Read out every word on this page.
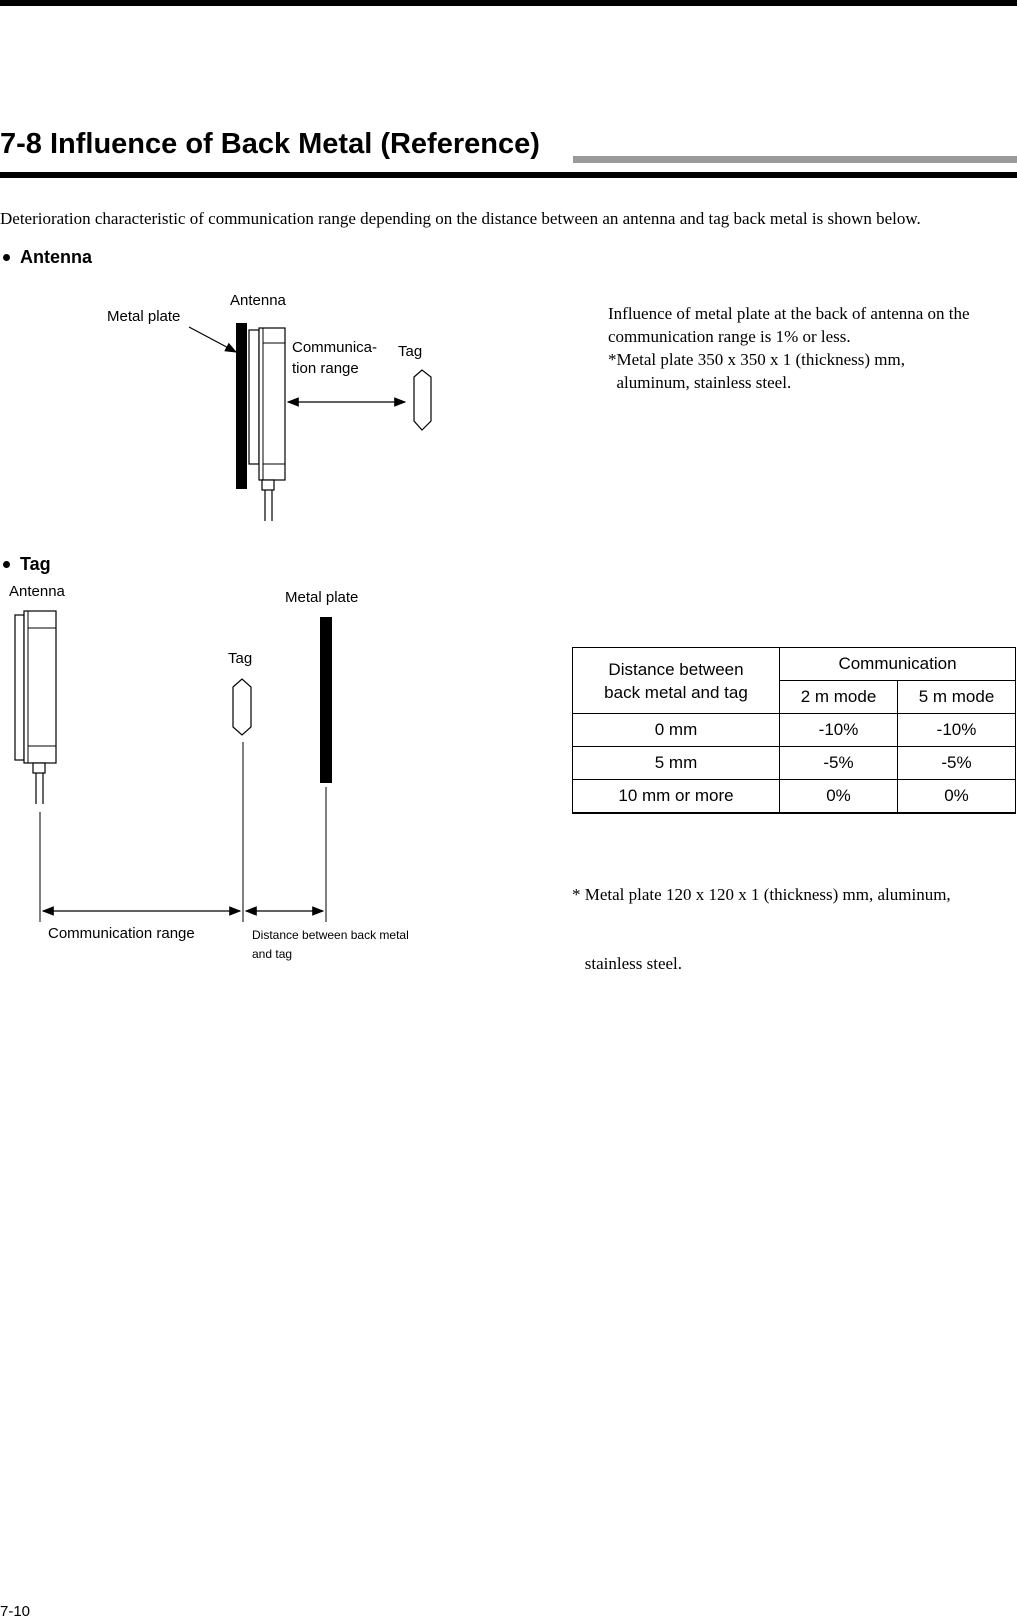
7-8 Influence of Back Metal (Reference)
Deterioration characteristic of communication range depending on the distance between an antenna and tag back metal is shown below.
Antenna
Antenna
Metal plate
Communica-
tion range
Tag
Influence of metal plate at the back of antenna on the
communication range is 1% or less.
*Metal plate 350 x 350 x 1 (thickness) mm,
aluminum, stainless steel.
Tag
Antenna	Metal plate
Tag
Communication range	Distance between back metal
and tag
Distance between
back metal and tag	Communication	
	2 m mode	5 m mode
0 mm	-10%	-10%
5 mm	-5%	-5%
10 mm or more	0%	0%

* Metal plate 120 x 120 x 1 (thickness) mm, aluminum,

stainless steel.

7-10
